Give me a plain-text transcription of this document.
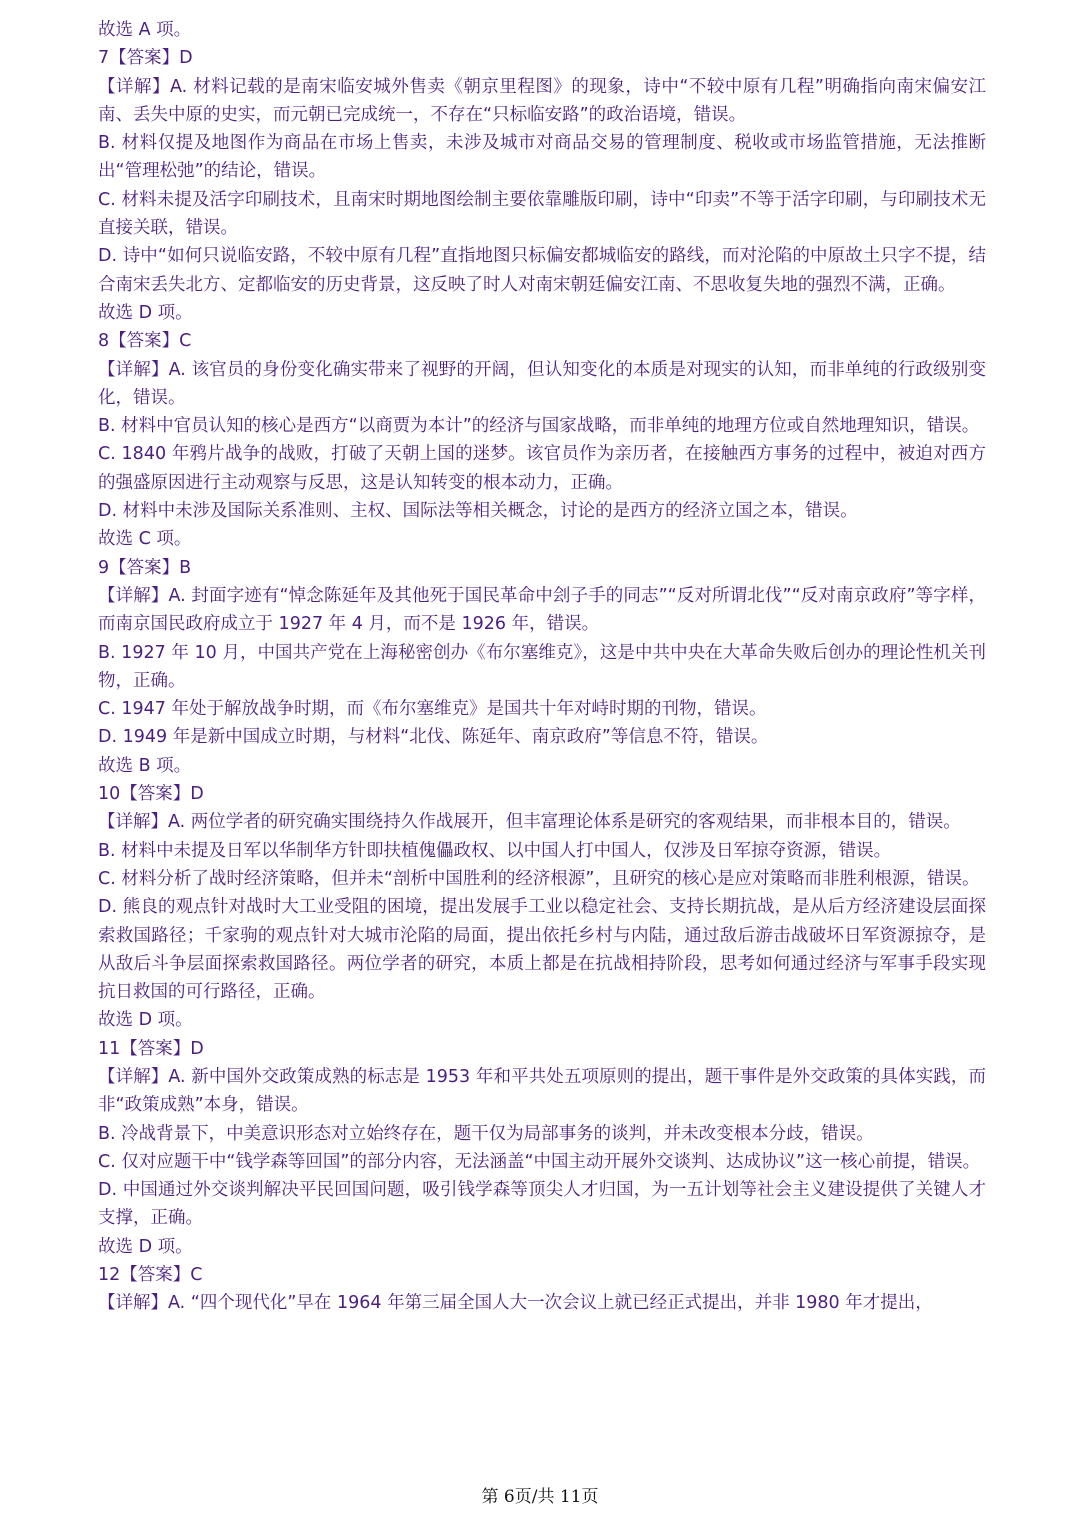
故选 A 项。

7【答案】D

【详解】A. 材料记载的是南宋临安城外售卖《朝京里程图》的现象，诗中“不较中原有几程”明确指向南宋偏安江南、丢失中原的史实，而元朝已完成统一，不存在“只标临安路”的政治语境，错误。

B. 材料仅提及地图作为商品在市场上售卖，未涉及城市对商品交易的管理制度、税收或市场监管措施，无法推断出“管理松弛”的结论，错误。

C. 材料未提及活字印刷技术，且南宋时期地图绘制主要依靠雕版印刷，诗中“印卖”不等于活字印刷，与印刷技术无直接关联，错误。

D. 诗中“如何只说临安路，不较中原有几程”直指地图只标偏安都城临安的路线，而对沦陷的中原故土只字不提，结合南宋丢失北方、定都临安的历史背景，这反映了时人对南宋朝廷偏安江南、不思收复失地的强烈不满，正确。

故选 D 项。

8【答案】C

【详解】A. 该官员的身份变化确实带来了视野的开阔，但认知变化的本质是对现实的认知，而非单纯的行政级别变化，错误。

B. 材料中官员认知的核心是西方“以商贾为本计”的经济与国家战略，而非单纯的地理方位或自然地理知识，错误。

C. 1840 年鸦片战争的战败，打破了天朝上国的迷梦。该官员作为亲历者，在接触西方事务的过程中，被迫对西方的强盛原因进行主动观察与反思，这是认知转变的根本动力，正确。

D. 材料中未涉及国际关系准则、主权、国际法等相关概念，讨论的是西方的经济立国之本，错误。

故选 C 项。

9【答案】B

【详解】A. 封面字迹有“悼念陈延年及其他死于国民革命中刽子手的同志”“反对所谓北伐”“反对南京政府”等字样，而南京国民政府成立于 1927 年 4 月，而不是 1926 年，错误。

B. 1927 年 10 月，中国共产党在上海秘密创办《布尔塞维克》，这是中共中央在大革命失败后创办的理论性机关刊物，正确。

C. 1947 年处于解放战争时期，而《布尔塞维克》是国共十年对峙时期的刊物，错误。

D. 1949 年是新中国成立时期，与材料“北伐、陈延年、南京政府”等信息不符，错误。

故选 B 项。

10【答案】D

【详解】A. 两位学者的研究确实围绕持久作战展开，但丰富理论体系是研究的客观结果，而非根本目的，错误。

B. 材料中未提及日军以华制华方针即扶植傀儡政权、以中国人打中国人，仅涉及日军掠夺资源，错误。

C. 材料分析了战时经济策略，但并未“剖析中国胜利的经济根源”，且研究的核心是应对策略而非胜利根源，错误。

D. 熊良的观点针对战时大工业受阻的困境，提出发展手工业以稳定社会、支持长期抗战，是从后方经济建设层面探索救国路径；千家驹的观点针对大城市沦陷的局面，提出依托乡村与内陆，通过敌后游击战破坏日军资源掠夺，是从敌后斗争层面探索救国路径。两位学者的研究，本质上都是在抗战相持阶段，思考如何通过经济与军事手段实现抗日救国的可行路径，正确。

故选 D 项。

11【答案】D

【详解】A. 新中国外交政策成熟的标志是 1953 年和平共处五项原则的提出，题干事件是外交政策的具体实践，而非“政策成熟”本身，错误。

B. 冷战背景下，中美意识形态对立始终存在，题干仅为局部事务的谈判，并未改变根本分歧，错误。

C. 仅对应题干中“钱学森等回国”的部分内容，无法涵盖“中国主动开展外交谈判、达成协议”这一核心前提，错误。

D. 中国通过外交谈判解决平民回国问题，吸引钱学森等顶尖人才归国，为一五计划等社会主义建设提供了关键人才支撑，正确。

故选 D 项。

12【答案】C

【详解】A. “四个现代化”早在 1964 年第三届全国人大一次会议上就已经正式提出，并非 1980 年才提出，

第 6页/共 11页
